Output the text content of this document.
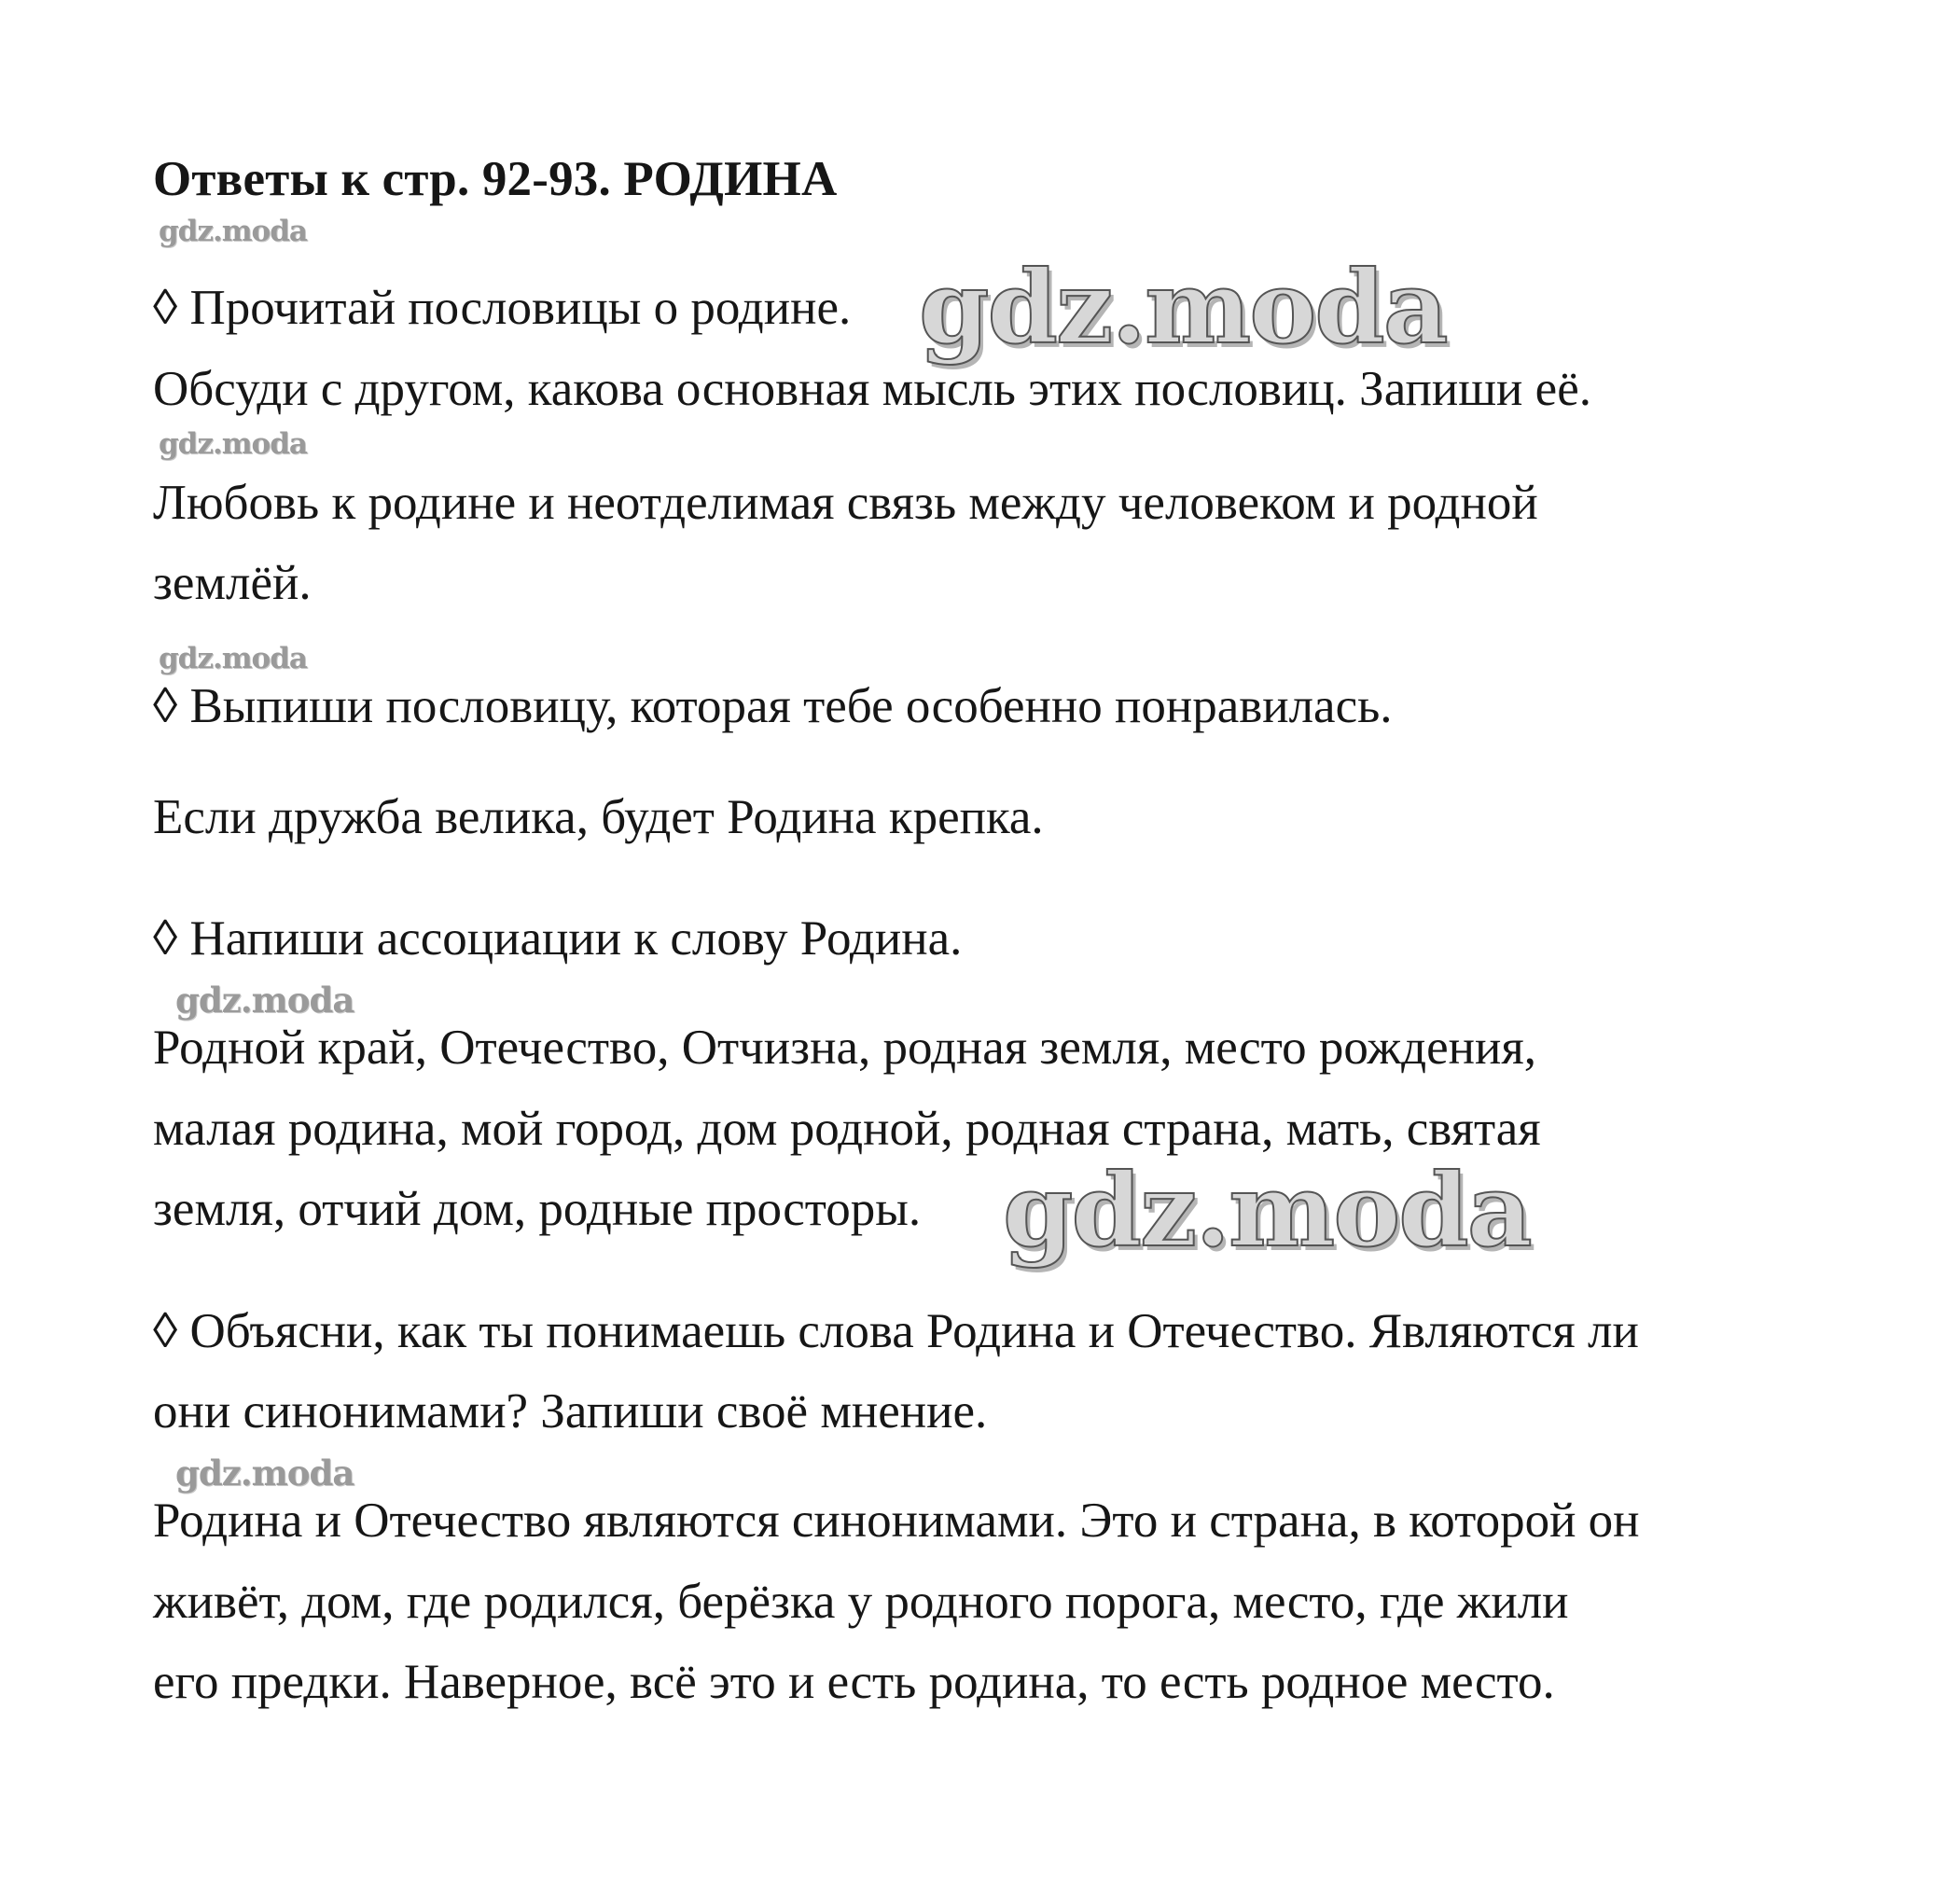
Ответы к стр. 92-93. РОДИНА
gdz.moda
◊ Прочитай пословицы о родине. gdz.moda
Обсуди с другом, какова основная мысль этих пословиц. Запиши её.
gdz.moda
Любовь к родине и неотделимая связь между человеком и родной
землёй.
gdz.moda
◊ Выпиши пословицу, которая тебе особенно понравилась.
Если дружба велика, будет Родина крепка.
◊ Напиши ассоциации к слову Родина.
gdz.moda
Родной край, Отечество, Отчизна, родная земля, место рождения,
малая родина, мой город, дом родной, родная страна, мать, святая
земля, отчий дом, родные просторы. gdz.moda
◊ Объясни, как ты понимаешь слова Родина и Отечество. Являются ли
они синонимами? Запиши своё мнение.
gdz.moda
Родина и Отечество являются синонимами. Это и страна, в которой он
живёт, дом, где родился, берёзка у родного порога, место, где жили
его предки. Наверное, всё это и есть родина, то есть родное место.
